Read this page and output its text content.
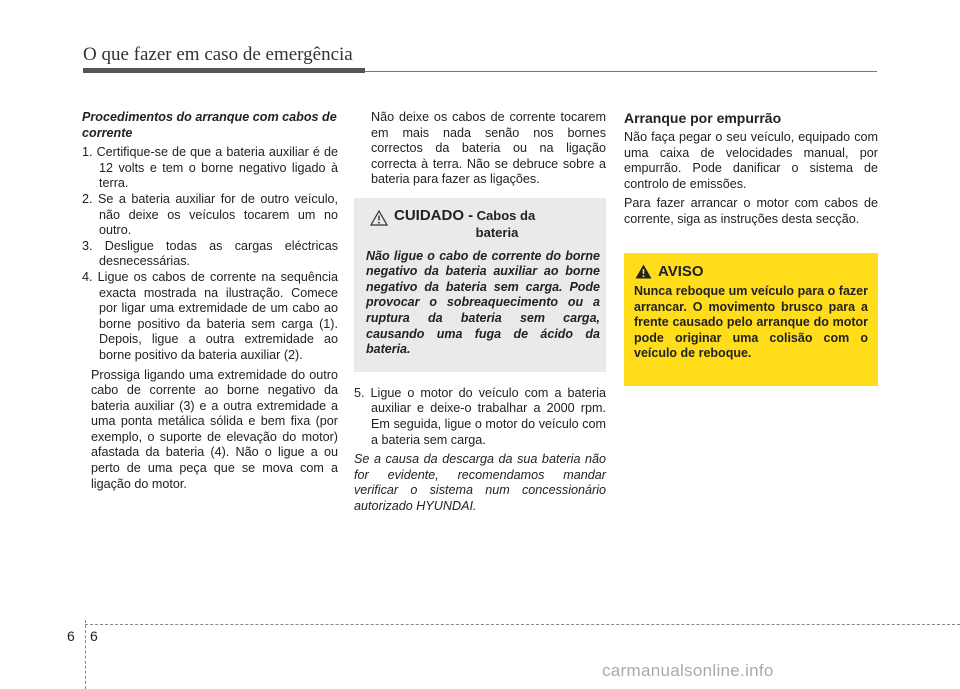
O que fazer em caso de emergência
Procedimentos do arranque com cabos de corrente
1. Certifique-se de que a bateria auxiliar é de 12 volts e tem o borne negativo ligado à terra.
2. Se a bateria auxiliar for de outro veículo, não deixe os veículos tocarem um no outro.
3. Desligue todas as cargas eléctricas desnecessárias.
4. Ligue os cabos de corrente na sequência exacta mostrada na ilustração. Comece por ligar uma extremidade de um cabo ao borne positivo da bateria sem carga (1). Depois, ligue a outra extremidade ao borne positivo da bateria auxiliar (2).
Prossiga ligando uma extremidade do outro cabo de corrente ao borne negativo da bateria auxiliar (3) e a outra extremidade a uma ponta metálica sólida e bem fixa (por exemplo, o suporte de elevação do motor) afastada da bateria (4). Não o ligue a ou perto de uma peça que se mova com a ligação do motor.
Não deixe os cabos de corrente tocarem em mais nada senão nos bornes correctos da bateria ou na ligação correcta à terra. Não se debruce sobre a bateria para fazer as ligações.
CUIDADO - Cabos da
bateria
Não ligue o cabo de corrente do borne negativo da bateria auxiliar ao borne negativo da bateria sem carga. Pode provocar o sobreaquecimento ou a ruptura da bateria sem carga, causando uma fuga de ácido da bateria.
5. Ligue o motor do veículo com a bateria auxiliar e deixe-o trabalhar a 2000 rpm. Em seguida, ligue o motor do veículo com a bateria sem carga.
Se a causa da descarga da sua bateria não for evidente, recomendamos mandar verificar o sistema num concessionário autorizado HYUNDAI.
Arranque por empurrão
Não faça pegar o seu veículo, equipado com uma caixa de velocidades manual, por empurrão. Pode danificar o sistema de controlo de emissões.
Para fazer arrancar o motor com cabos de corrente, siga as instruções desta secção.
AVISO
Nunca reboque um veículo para o fazer arrancar. O movimento brusco para a frente causado pelo arranque do motor pode originar uma colisão com o veículo de reboque.
6 6
carmanualsonline.info
